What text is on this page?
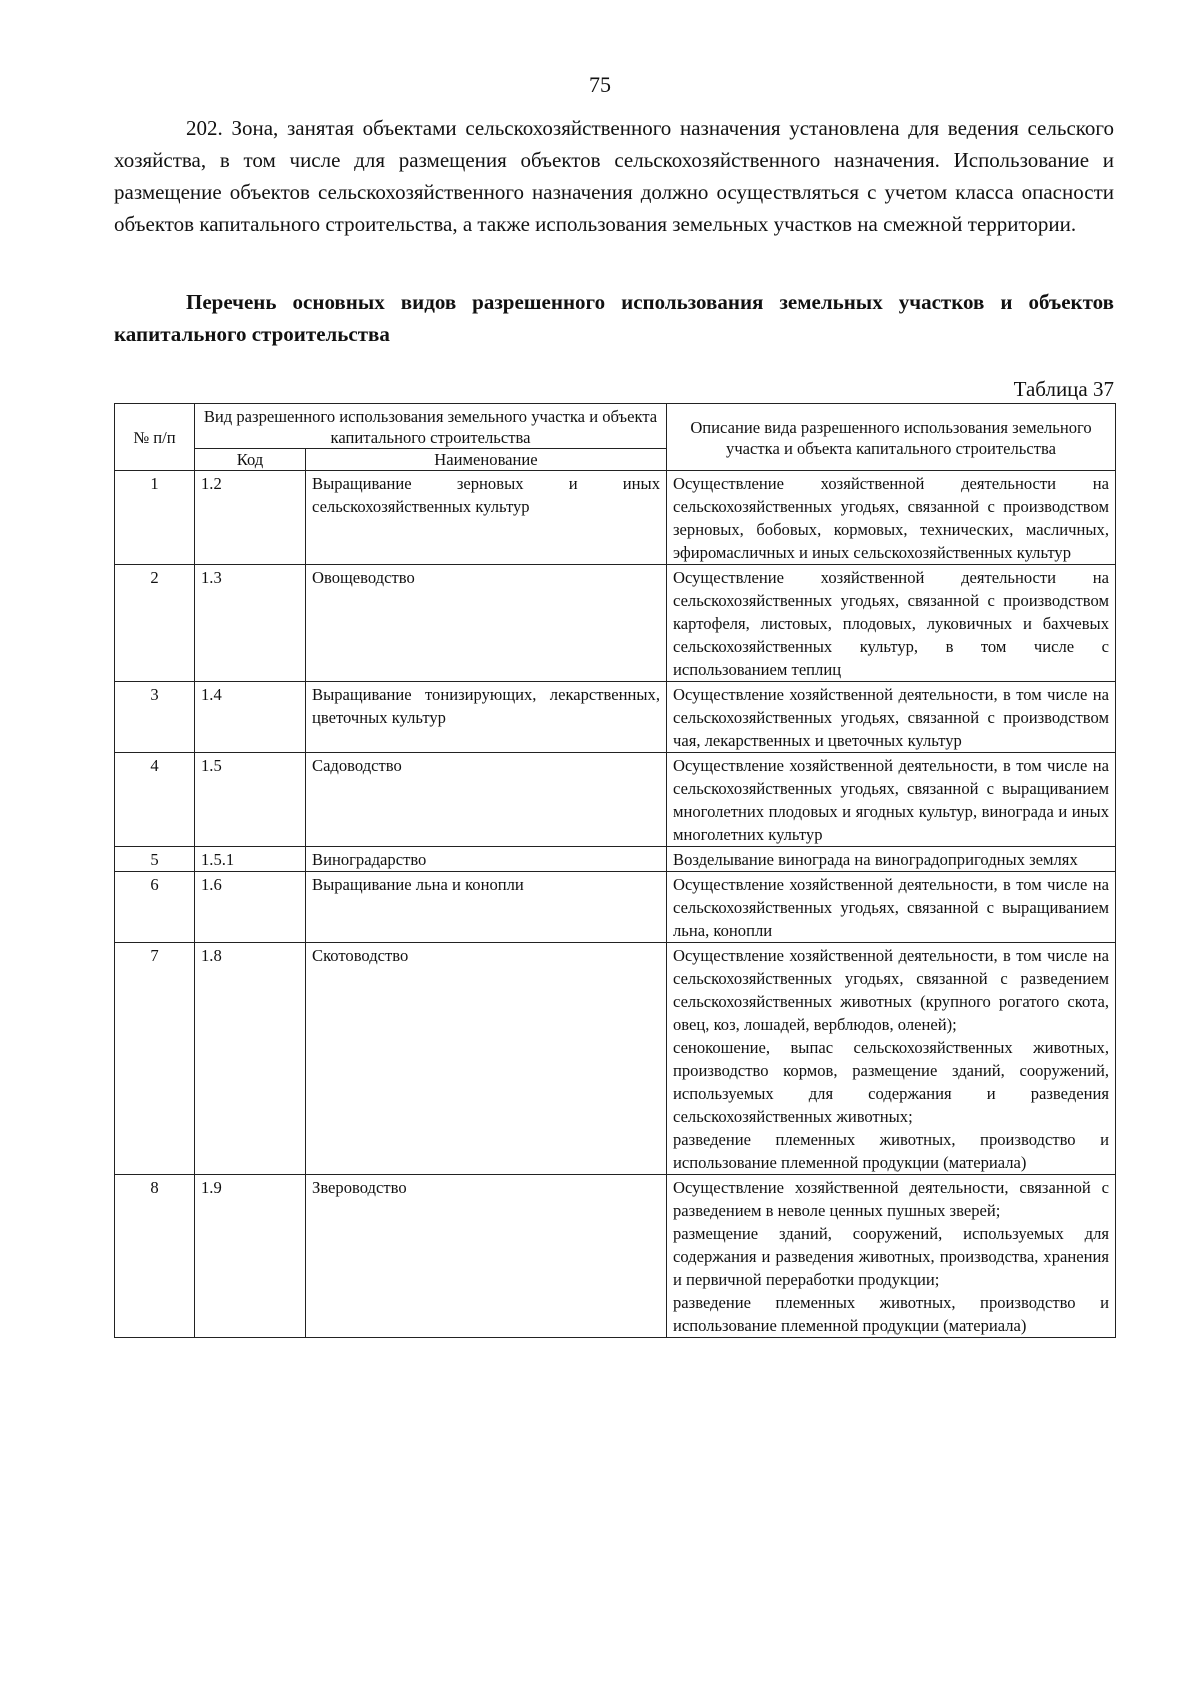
75

202. Зона, занятая объектами сельскохозяйственного назначения установлена для ведения сельского хозяйства, в том числе для размещения объектов сельскохозяйственного назначения. Использование и размещение объектов сельскохозяйственного назначения должно осуществляться с учетом класса опасности объектов капитального строительства, а также использования земельных участков на смежной территории.

Перечень основных видов разрешенного использования земельных участков и объектов капитального строительства

Таблица 37
№ п/п	Вид разрешенного использования земельного участка и объекта капитального строительства		Описание вида разрешенного использования земельного участка и объекта капитального строительства
	Код	Наименование	
1	1.2	Выращивание зерновых и иных сельскохозяйственных культур	Осуществление хозяйственной деятельности на сельскохозяйственных угодьях, связанной с производством зерновых, бобовых, кормовых, технических, масличных, эфиромасличных и иных сельскохозяйственных культур

2	1.3	Овощеводство	Осуществление хозяйственной деятельности на сельскохозяйственных угодьях, связанной с производством картофеля, листовых, плодовых, луковичных и бахчевых сельскохозяйственных культур, в том числе с использованием теплиц

3	1.4	Выращивание тонизирующих, лекарственных, цветочных культур	Осуществление хозяйственной деятельности, в том числе на сельскохозяйственных угодьях, связанной с производством чая, лекарственных и цветочных культур

4	1.5	Садоводство	Осуществление хозяйственной деятельности, в том числе на сельскохозяйственных угодьях, связанной с выращиванием многолетних плодовых и ягодных культур, винограда и иных многолетних культур

5	1.5.1	Виноградарство	Возделывание винограда на виноградопригодных землях

6	1.6	Выращивание льна и конопли	Осуществление хозяйственной деятельности, в том числе на сельскохозяйственных угодьях, связанной с выращиванием льна, конопли

7	1.8	Скотоводство	Осуществление хозяйственной деятельности, в том числе на сельскохозяйственных угодьях, связанной с разведением сельскохозяйственных животных (крупного рогатого скота, овец, коз, лошадей, верблюдов, оленей);
сенокошение, выпас сельскохозяйственных животных, производство кормов, размещение зданий, сооружений, используемых для содержания и разведения сельскохозяйственных животных;
разведение племенных животных, производство и использование племенной продукции (материала)

8	1.9	Звероводство	Осуществление хозяйственной деятельности, связанной с разведением в неволе ценных пушных зверей;
размещение зданий, сооружений, используемых для содержания и разведения животных, производства, хранения и первичной переработки продукции;
разведение племенных животных, производство и использование племенной продукции (материала)
